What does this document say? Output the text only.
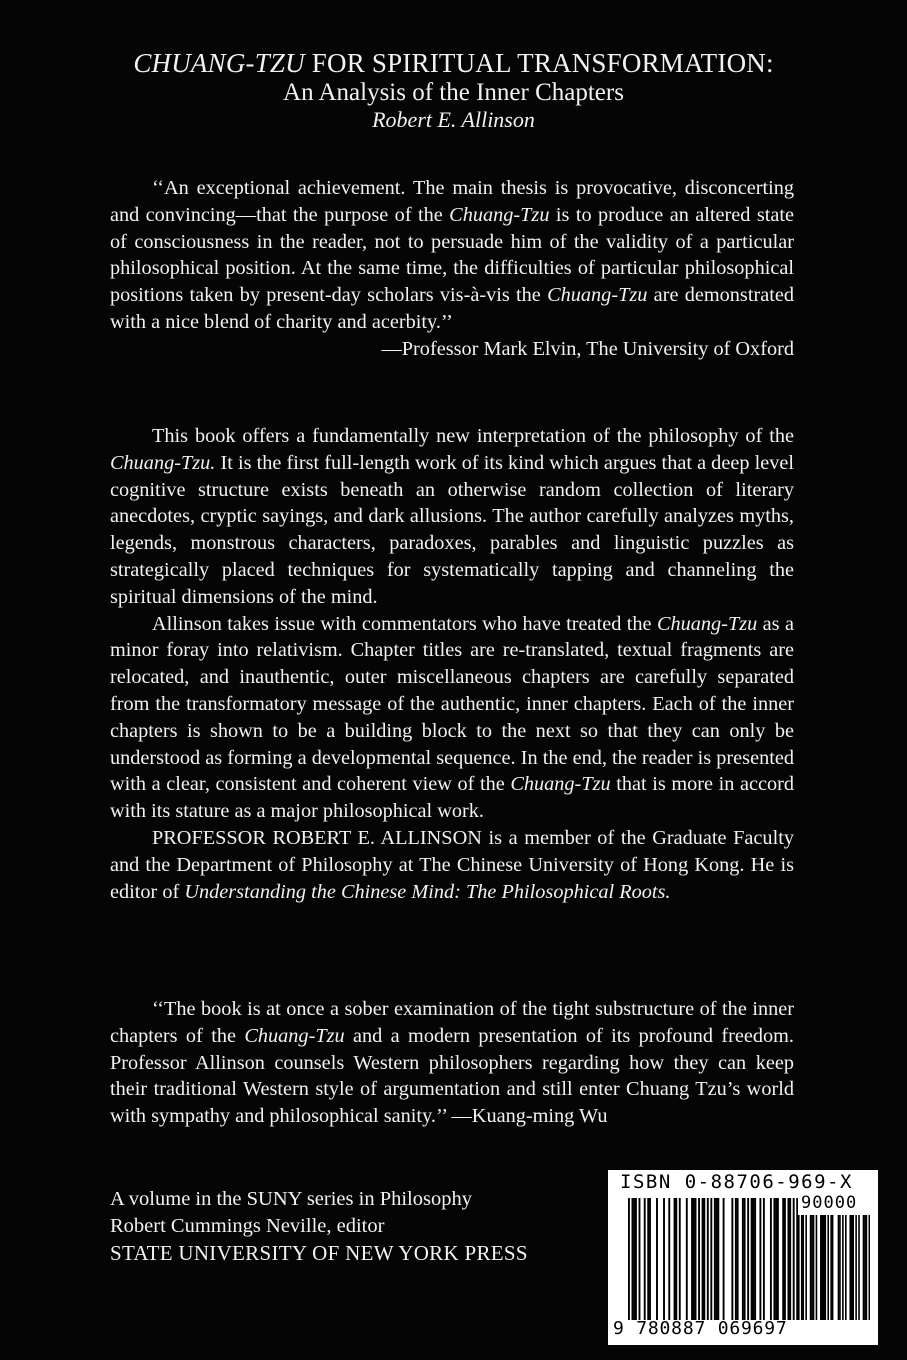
CHUANG-TZU FOR SPIRITUAL TRANSFORMATION:
An Analysis of the Inner Chapters
Robert E. Allinson

‘‘An exceptional achievement. The main thesis is provocative, disconcerting and convincing—that the purpose of the Chuang-Tzu is to produce an altered state of consciousness in the reader, not to persuade him of the validity of a particular philosophical position. At the same time, the difficulties of particular philosophical positions taken by present-day scholars vis-à-vis the Chuang-Tzu are demonstrated with a nice blend of charity and acerbity.’’

—Professor Mark Elvin, The University of Oxford

This book offers a fundamentally new interpretation of the philosophy of the Chuang-Tzu. It is the first full-length work of its kind which argues that a deep level cognitive structure exists beneath an otherwise random collection of literary anecdotes, cryptic sayings, and dark allusions. The author carefully analyzes myths, legends, monstrous characters, paradoxes, parables and linguistic puzzles as strategically placed techniques for systematically tapping and channeling the spiritual dimensions of the mind.

Allinson takes issue with commentators who have treated the Chuang-Tzu as a minor foray into relativism. Chapter titles are re-translated, textual fragments are relocated, and inauthentic, outer miscellaneous chapters are carefully separated from the transformatory message of the authentic, inner chapters. Each of the inner chapters is shown to be a building block to the next so that they can only be understood as forming a developmental sequence. In the end, the reader is presented with a clear, consistent and coherent view of the Chuang-Tzu that is more in accord with its stature as a major philosophical work.

PROFESSOR ROBERT E. ALLINSON is a member of the Graduate Faculty and the Department of Philosophy at The Chinese University of Hong Kong. He is editor of Understanding the Chinese Mind: The Philosophical Roots.

‘‘The book is at once a sober examination of the tight substructure of the inner chapters of the Chuang-Tzu and a modern presentation of its profound freedom. Professor Allinson counsels Western philosophers regarding how they can keep their traditional Western style of argumentation and still enter Chuang Tzu’s world with sympathy and philosophical sanity.’’ —Kuang-ming Wu

A volume in the SUNY series in Philosophy
Robert Cummings Neville, editor
STATE UNIVERSITY OF NEW YORK PRESS
ISBN 0-88706-969-X
90000
9 780887 069697
